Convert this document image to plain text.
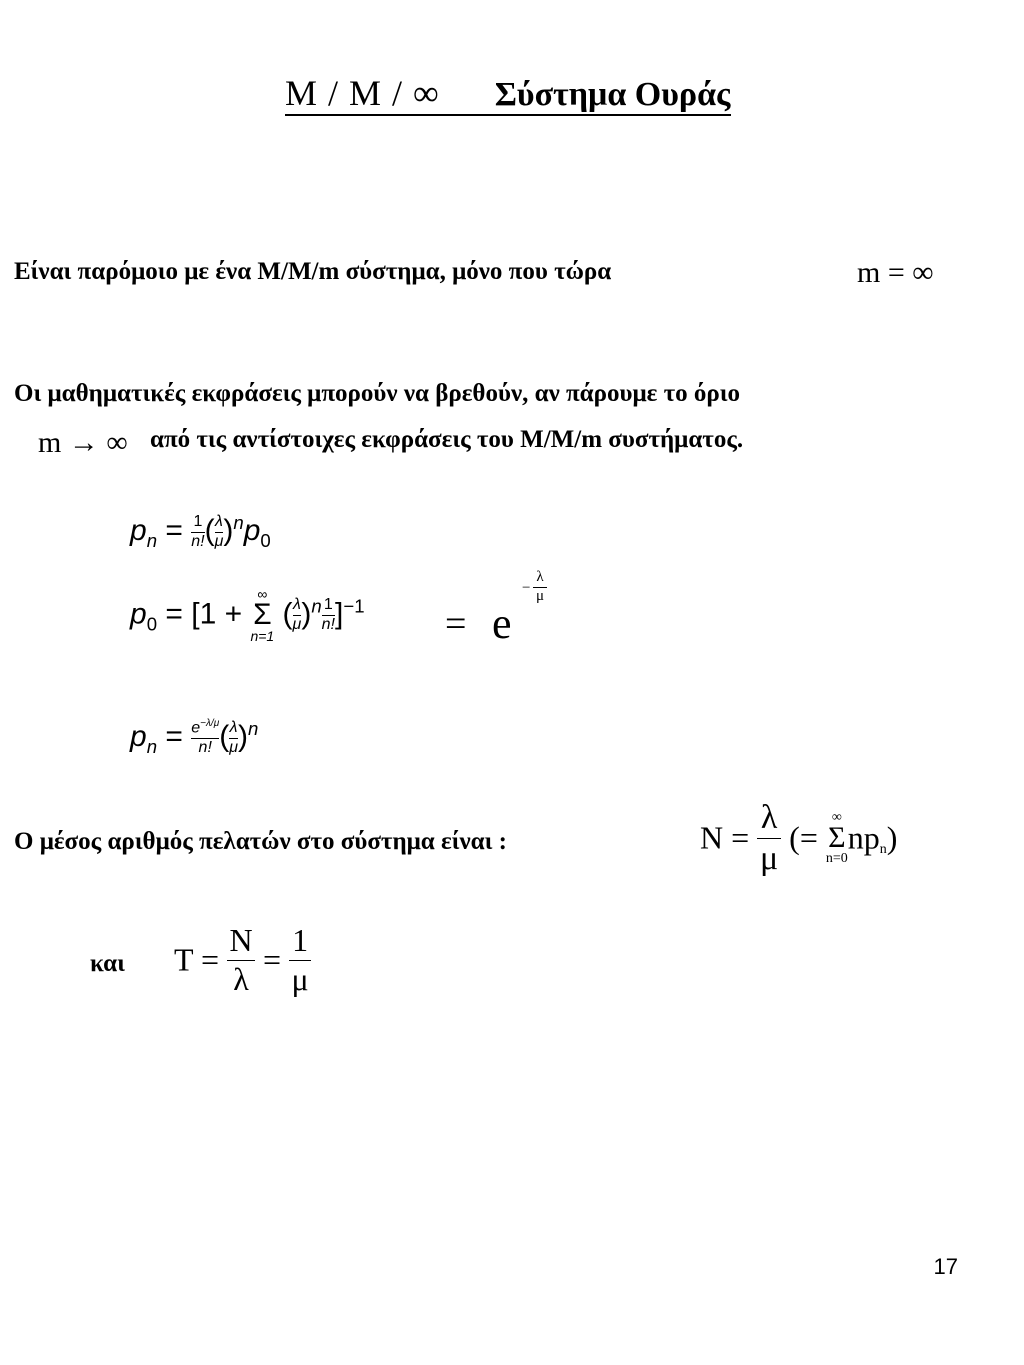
M / M / ∞ Σύστημα Ουράς
Είναι παρόμοιο με ένα M/M/m σύστημα, μόνο που τώρα	m = ∞
Οι μαθηματικές εκφράσεις μπορούν να βρεθούν, αν πάρουμε το όριο
m → ∞ από τις αντίστοιχες εκφράσεις του M/M/m συστήματος.
$p_n = \frac{1}{n!}$ ( $\frac{\lambda}{\mu} )^np_0$
$p_0 = [1$ +
∞
Σ
n=1
( $\frac{\lambda}{\mu} )^n \frac{1}{n!} ]^{-1} = e$
− $\frac{\lambda}{\mu}$
$p_n = \frac{e^{-\lambda/\mu}}{n!}$ ( $\frac{\lambda}{\mu} )^n$
Ο μέσος αριθμός πελατών στο σύστημα είναι :	$N = \frac{\lambda}{\mu}$ (=
∞
Σ
n=0
$np_n$)
και $T = \frac{N}{\lambda} = \frac{1}{\mu}$
17
